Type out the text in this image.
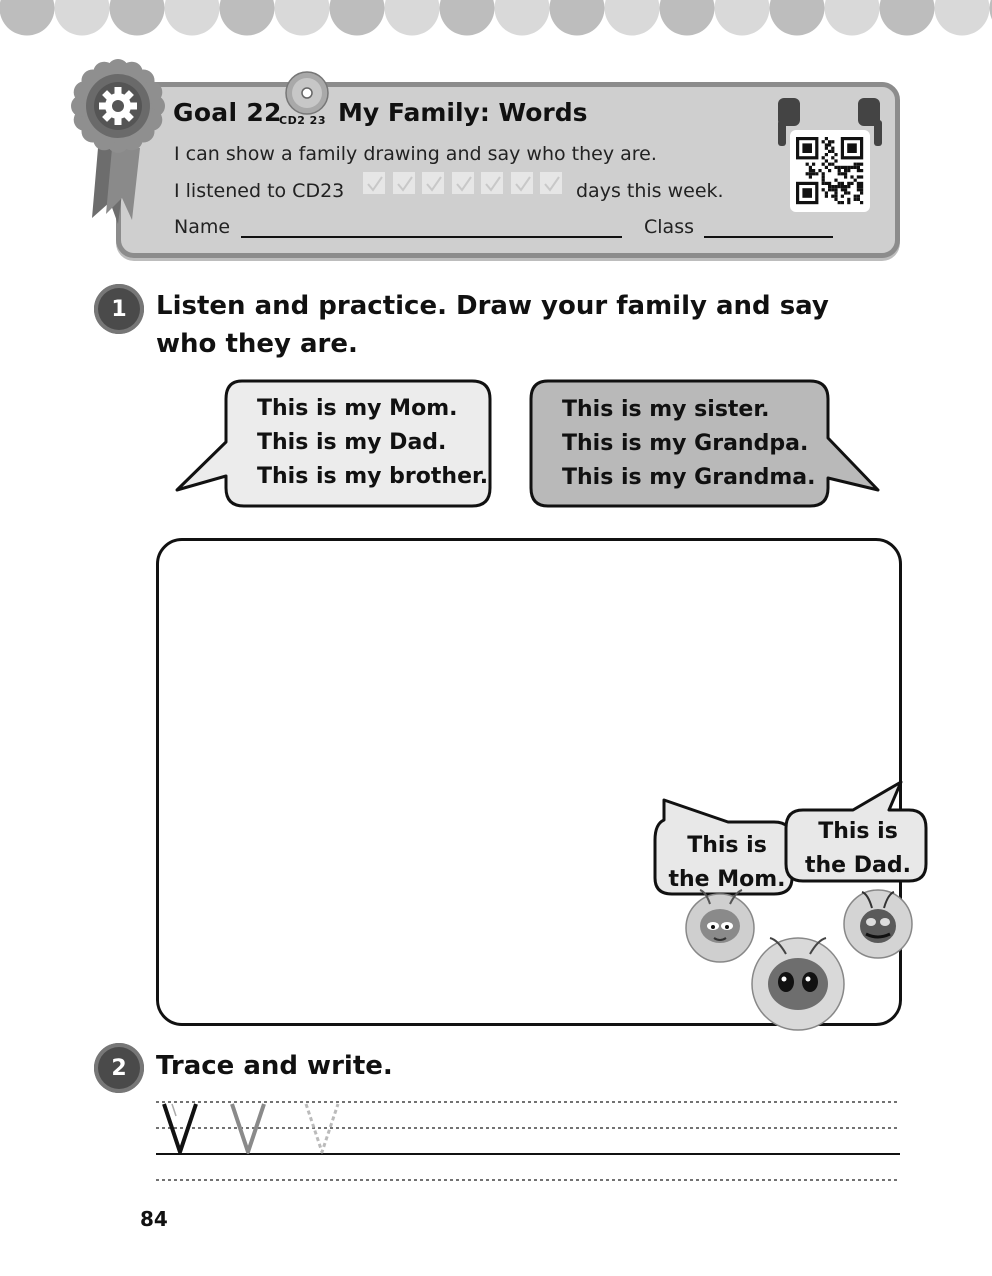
Goal 22
CD2 23 My Family: Words
I can show a family drawing and say who they are.
I listened to CD23	days this week.
Name	Class
1	Listen and practice. Draw your family and say
who they are.
This is my Mom.
This is my Dad.
This is my brother.
This is my sister.
This is my Grandpa.
This is my Grandma.
This is
the Mom.
This is
the Dad.
2	Trace and write.
84
